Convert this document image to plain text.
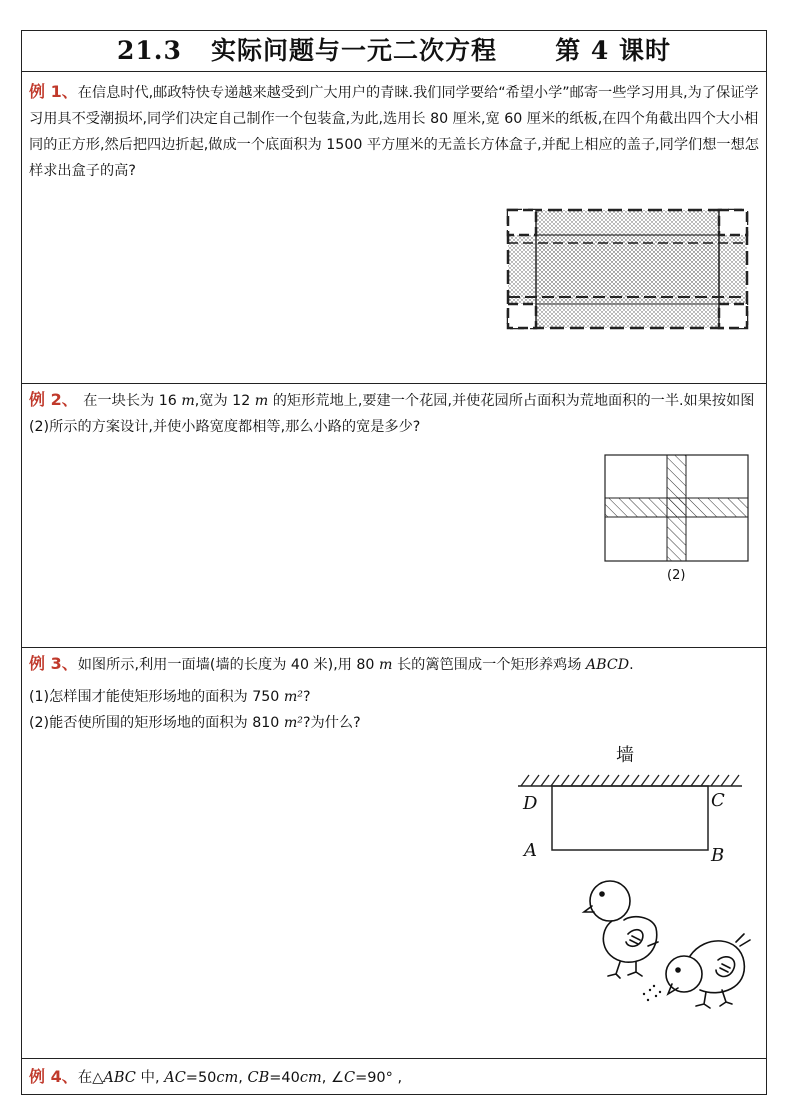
21.3   实际问题与一元二次方程      第 4 课时
例 1、在信息时代,邮政特快专递越来越受到广大用户的青睐.我们同学要给“希望小学”邮寄一些学习用具,为了保证学习用具不受潮损坏,同学们决定自己制作一个包装盒,为此,选用长 80 厘米,宽 60 厘米的纸板,在四个角截出四个大小相同的正方形,然后把四边折起,做成一个底面积为 1500 平方厘米的无盖长方体盒子,并配上相应的盖子,同学们想一想怎样求出盒子的高?
例 2、 在一块长为 16 m,宽为 12 m 的矩形荒地上,要建一个花园,并使花园所占面积为荒地面积的一半.如果按如图(2)所示的方案设计,并使小路宽度都相等,那么小路的宽是多少?
(2)
例 3、如图所示,利用一面墙(墙的长度为 40 米),用 80 m 长的篱笆围成一个矩形养鸡场 ABCD.
(1)怎样围才能使矩形场地的面积为 750 m²?
(2)能否使所围的矩形场地的面积为 810 m²?为什么?
墙
D	C
A	B
例 4、在△ABC 中, AC=50cm, CB=40cm, ∠C=90° ,
